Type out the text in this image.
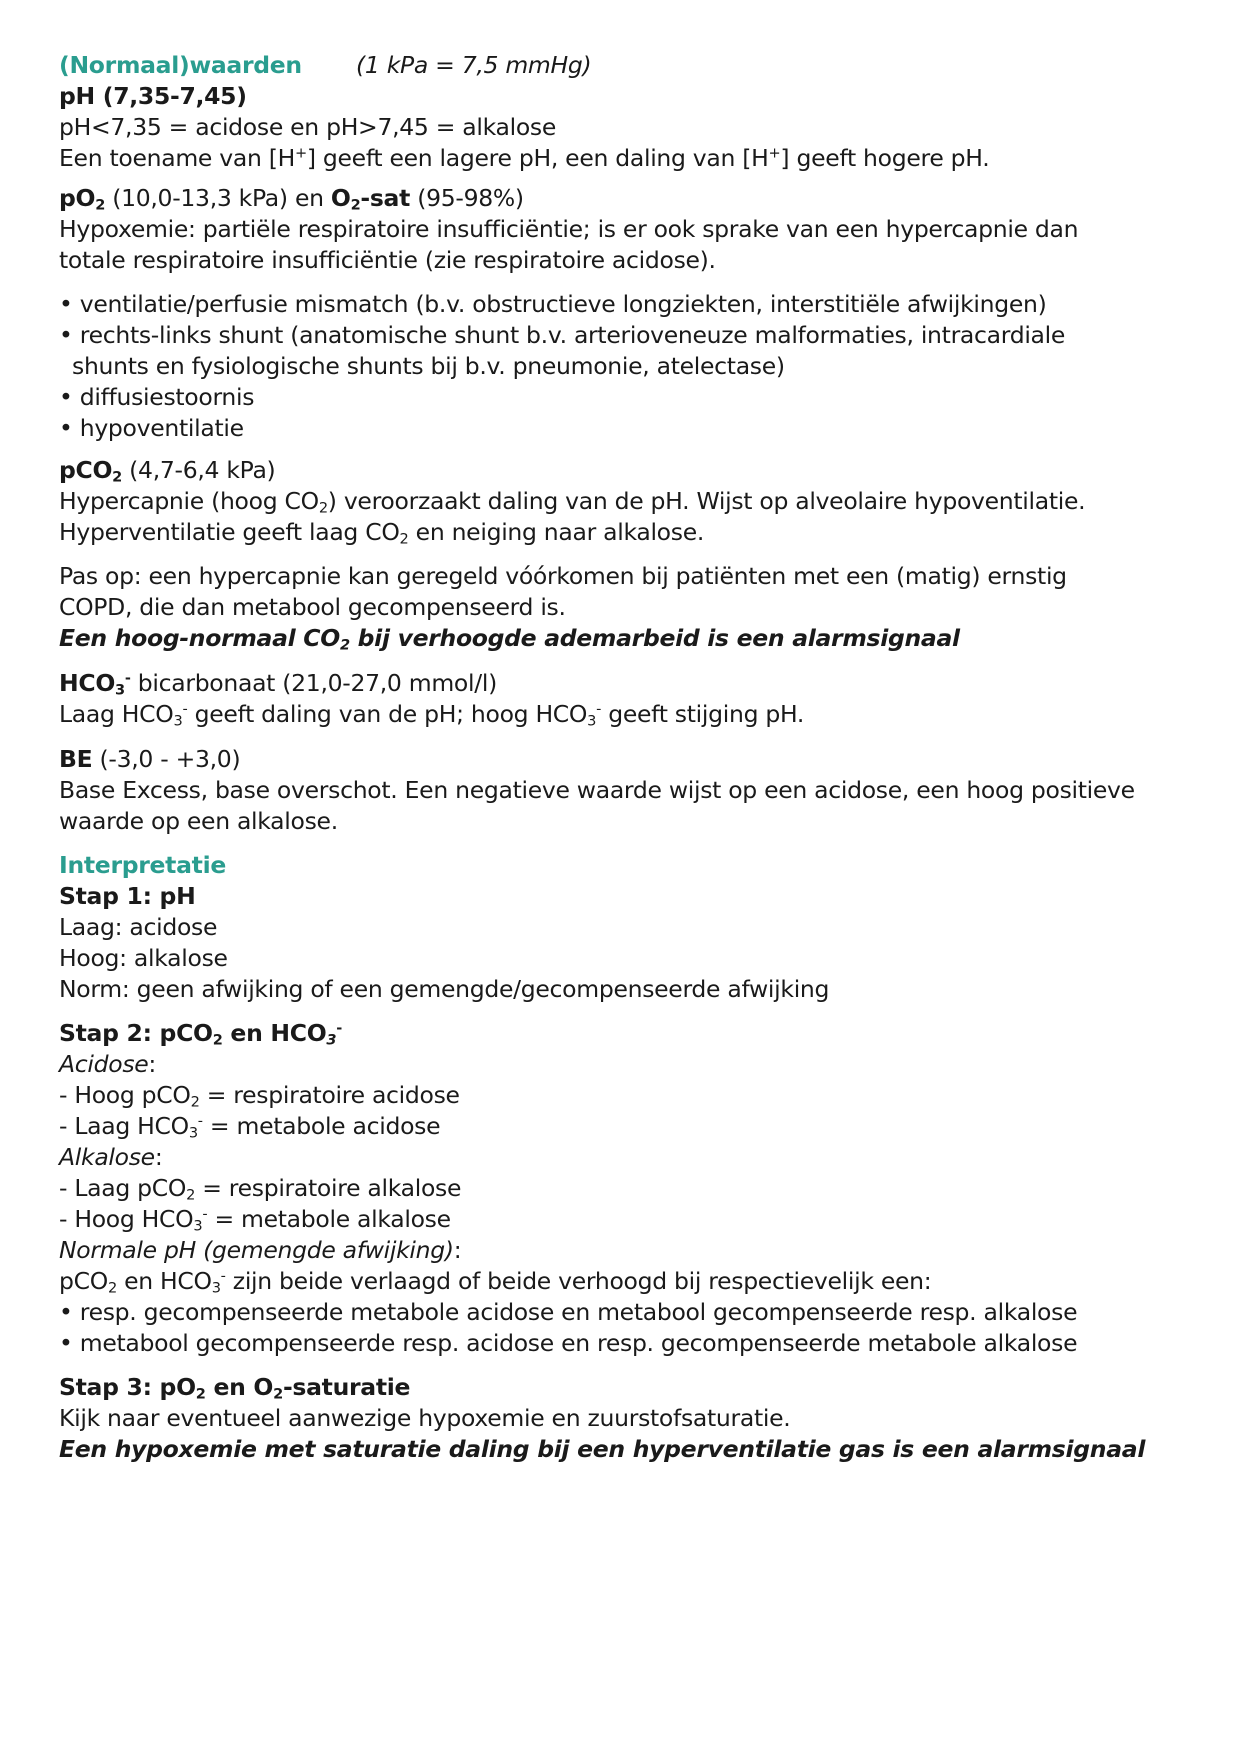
(Normaal)waarden (1 kPa = 7,5 mmHg)
pH (7,35-7,45)
pH<7,35 = acidose en pH>7,45 = alkalose
Een toename van [H+] geeft een lagere pH, een daling van [H+] geeft hogere pH.
$pO_2$ (10,0-13,3 kPa) en $O_2$-sat (95-98%)
Hypoxemie: partiële respiratoire insufficiëntie; is er ook sprake van een hypercapnie dan
totale respiratoire insufficiëntie (zie respiratoire acidose).
• ventilatie/perfusie mismatch (b.v. obstructieve longziekten, interstitiële afwijkingen)
• rechts-links shunt (anatomische shunt b.v. arterioveneuze malformaties, intracardiale
shunts en fysiologische shunts bij b.v. pneumonie, atelectase)
• diffusiestoornis
• hypoventilatie
pCO$_2$ (4,7-6,4 kPa)
Hypercapnie (hoog $CO_2$) veroorzaakt daling van de pH. Wijst op alveolaire hypoventilatie.
Hyperventilatie geeft laag $CO_2$ en neiging naar alkalose.
Pas op: een hypercapnie kan geregeld vóórkomen bij patiënten met een (matig) ernstig
COPD, die dan metabool gecompenseerd is.
Een hoog-normaal $CO_2$ bij verhoogde ademarbeid is een alarmsignaal
$HCO_3^-$ bicarbonaat (21,0-27,0 mmol/l)
Laag $HCO_3^-$ geeft daling van de pH; hoog $HCO_3^-$ geeft stijging pH.
BE (-3,0 - +3,0)
Base Excess, base overschot. Een negatieve waarde wijst op een acidose, een hoog positieve
waarde op een alkalose.
Interpretatie
Stap 1: pH
Laag: acidose
Hoog: alkalose
Norm: geen afwijking of een gemengde/gecompenseerde afwijking
Stap 2: pCO$_2$ en $HCO_3^-$
Acidose:
- Hoog pCO$_2$ = respiratoire acidose
- Laag $HCO_3^-$ = metabole acidose
Alkalose:
- Laag pCO$_2$ = respiratoire alkalose
- Hoog $HCO_3^-$ = metabole alkalose
Normale pH (gemengde afwijking):
pCO$_2$ en $HCO_3^-$ zijn beide verlaagd of beide verhoogd bij respectievelijk een:
• resp. gecompenseerde metabole acidose en metabool gecompenseerde resp. alkalose
• metabool gecompenseerde resp. acidose en resp. gecompenseerde metabole alkalose
Stap 3: $pO_2$ en $O_2$-saturatie
Kijk naar eventueel aanwezige hypoxemie en zuurstofsaturatie.
Een hypoxemie met saturatie daling bij een hyperventilatie gas is een alarmsignaal
